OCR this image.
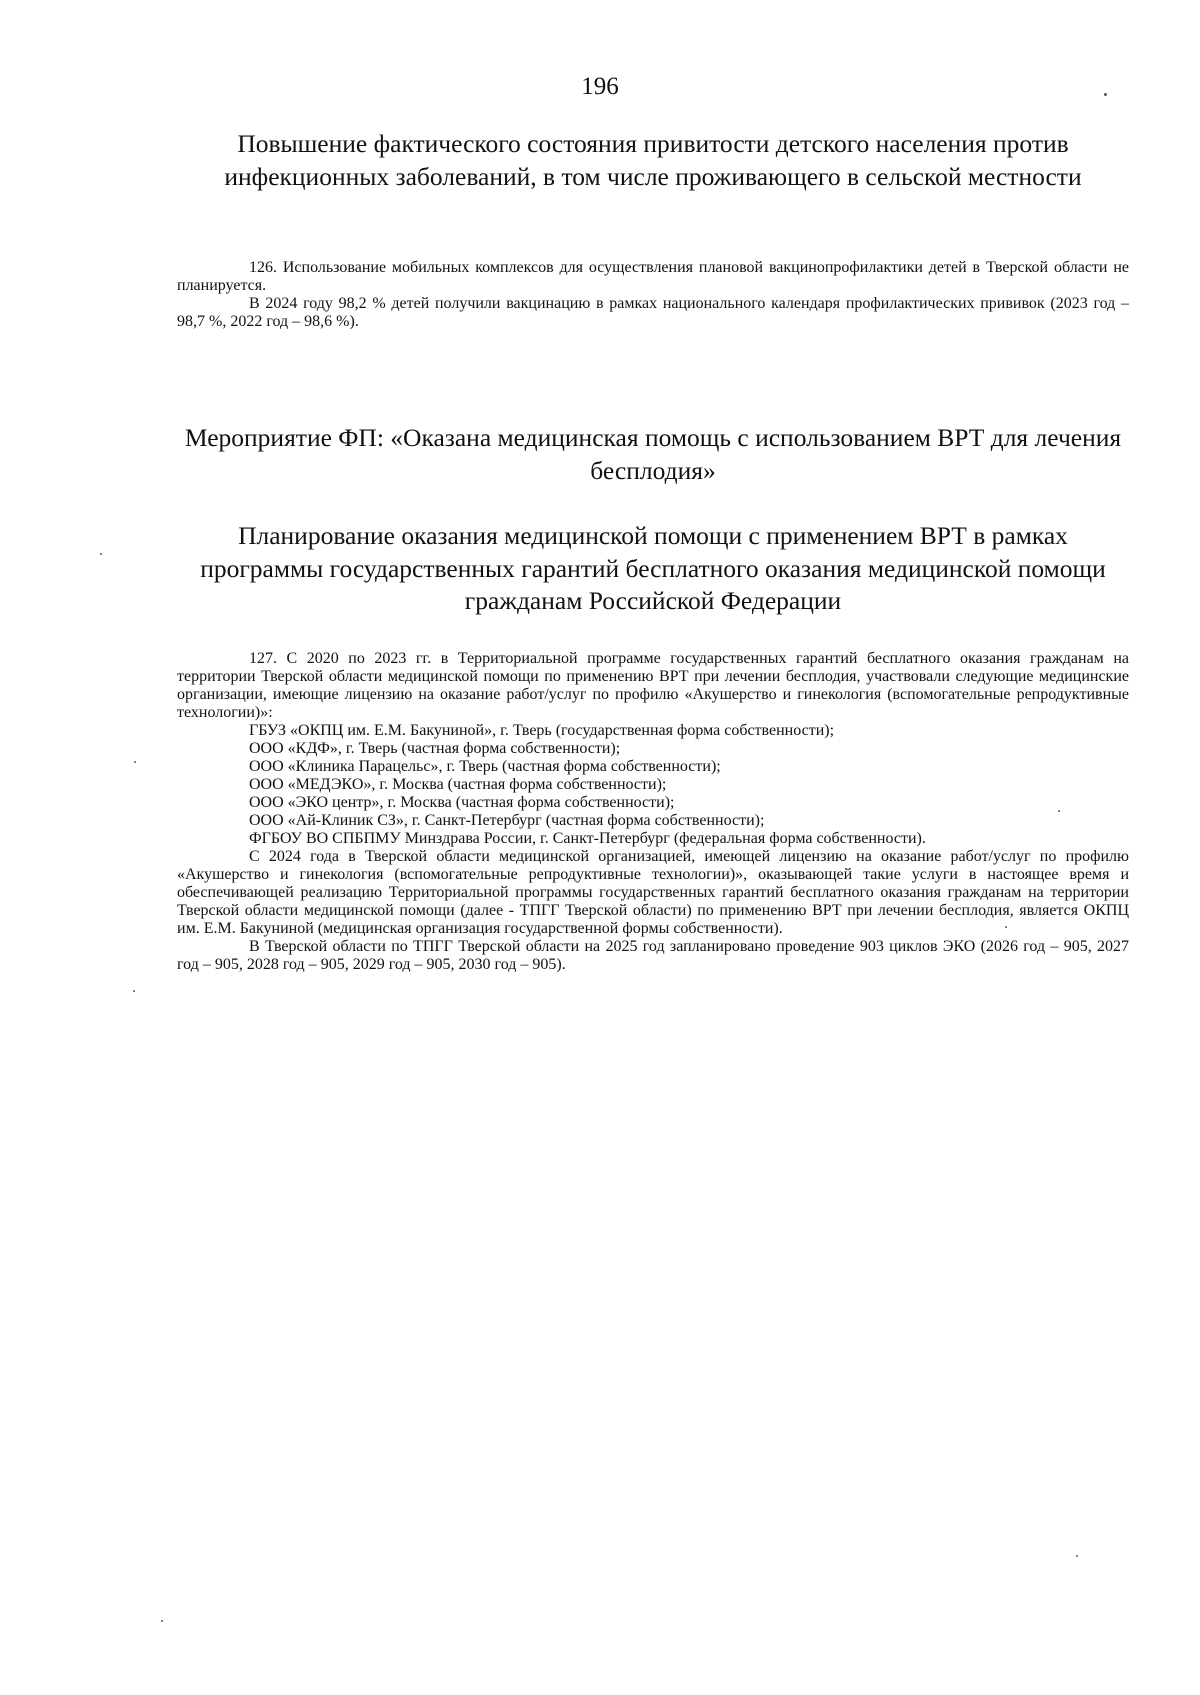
196

Повышение фактического состояния привитости детского населения против инфекционных заболеваний, в том числе проживающего в сельской местности

126. Использование мобильных комплексов для осуществления плановой вакцинопрофилактики детей в Тверской области не планируется.

В 2024 году 98,2 % детей получили вакцинацию в рамках национального календаря профилактических прививок (2023 год – 98,7 %, 2022 год – 98,6 %).

Мероприятие ФП: «Оказана медицинская помощь с использованием ВРТ для лечения бесплодия»

Планирование оказания медицинской помощи с применением ВРТ в рамках программы государственных гарантий бесплатного оказания медицинской помощи гражданам Российской Федерации

127. С 2020 по 2023 гг. в Территориальной программе государственных гарантий бесплатного оказания гражданам на территории Тверской области медицинской помощи по применению ВРТ при лечении бесплодия, участвовали следующие медицинские организации, имеющие лицензию на оказание работ/услуг по профилю «Акушерство и гинекология (вспомогательные репродуктивные технологии)»:

ГБУЗ «ОКПЦ им. Е.М. Бакуниной», г. Тверь (государственная форма собственности);

ООО «КДФ», г. Тверь (частная форма собственности);

ООО «Клиника Парацельс», г. Тверь (частная форма собственности);

ООО «МЕДЭКО», г. Москва (частная форма собственности);

ООО «ЭКО центр», г. Москва (частная форма собственности);

ООО «Ай-Клиник СЗ», г. Санкт-Петербург (частная форма собственности);

ФГБОУ ВО СПБПМУ Минздрава России, г. Санкт-Петербург (федеральная форма собственности).

С 2024 года в Тверской области медицинской организацией, имеющей лицензию на оказание работ/услуг по профилю «Акушерство и гинекология (вспомогательные репродуктивные технологии)», оказывающей такие услуги в настоящее время и обеспечивающей реализацию Территориальной программы государственных гарантий бесплатного оказания гражданам на территории Тверской области медицинской помощи (далее - ТПГГ Тверской области) по применению ВРТ при лечении бесплодия, является ОКПЦ им. Е.М. Бакуниной (медицинская организация государственной формы собственности).

В Тверской области по ТПГГ Тверской области на 2025 год запланировано проведение 903 циклов ЭКО (2026 год – 905, 2027 год – 905, 2028 год – 905, 2029 год – 905, 2030 год – 905).
